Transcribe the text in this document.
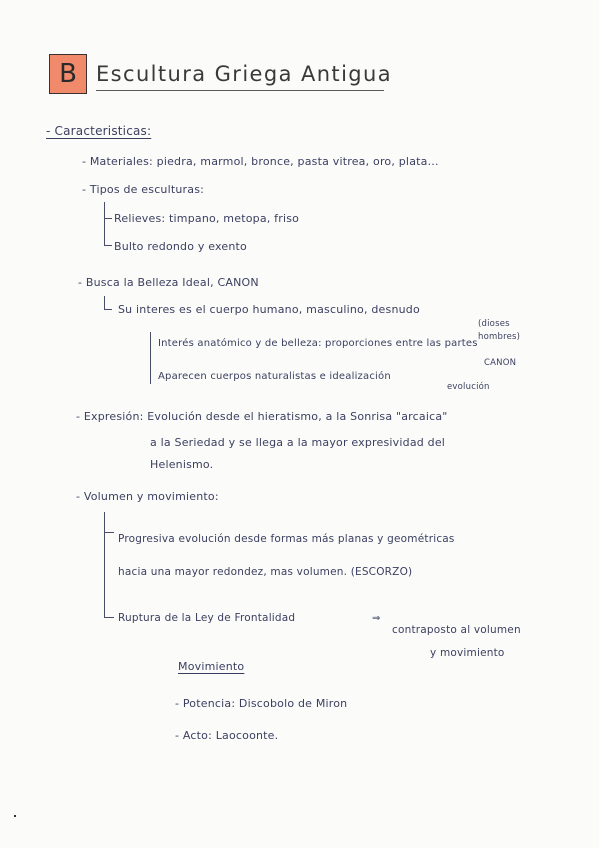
B Escultura Griega Antigua
- Caracteristicas:
- Materiales: piedra, marmol, bronce, pasta vitrea, oro, plata...
- Tipos de esculturas:
Relieves: timpano, metopa, friso
Bulto redondo y exento
- Busca la Belleza Ideal, CANON
Su interes es el cuerpo humano, masculino, desnudo
(dioses
hombres)
Interés anatómico y de belleza: proporciones entre las partes
CANON
Aparecen cuerpos naturalistas e idealización
evolución
- Expresión: Evolución desde el hieratismo, a la Sonrisa "arcaica"
a la Seriedad y se llega a la mayor expresividad del
Helenismo.
- Volumen y movimiento:
Progresiva evolución desde formas más planas y geométricas
hacia una mayor redondez, mas volumen. (ESCORZO)
Ruptura de la Ley de Frontalidad	⇒
contraposto al volumen
y movimiento
Movimiento
- Potencia: Discobolo de Miron
- Acto: Laocoonte.
